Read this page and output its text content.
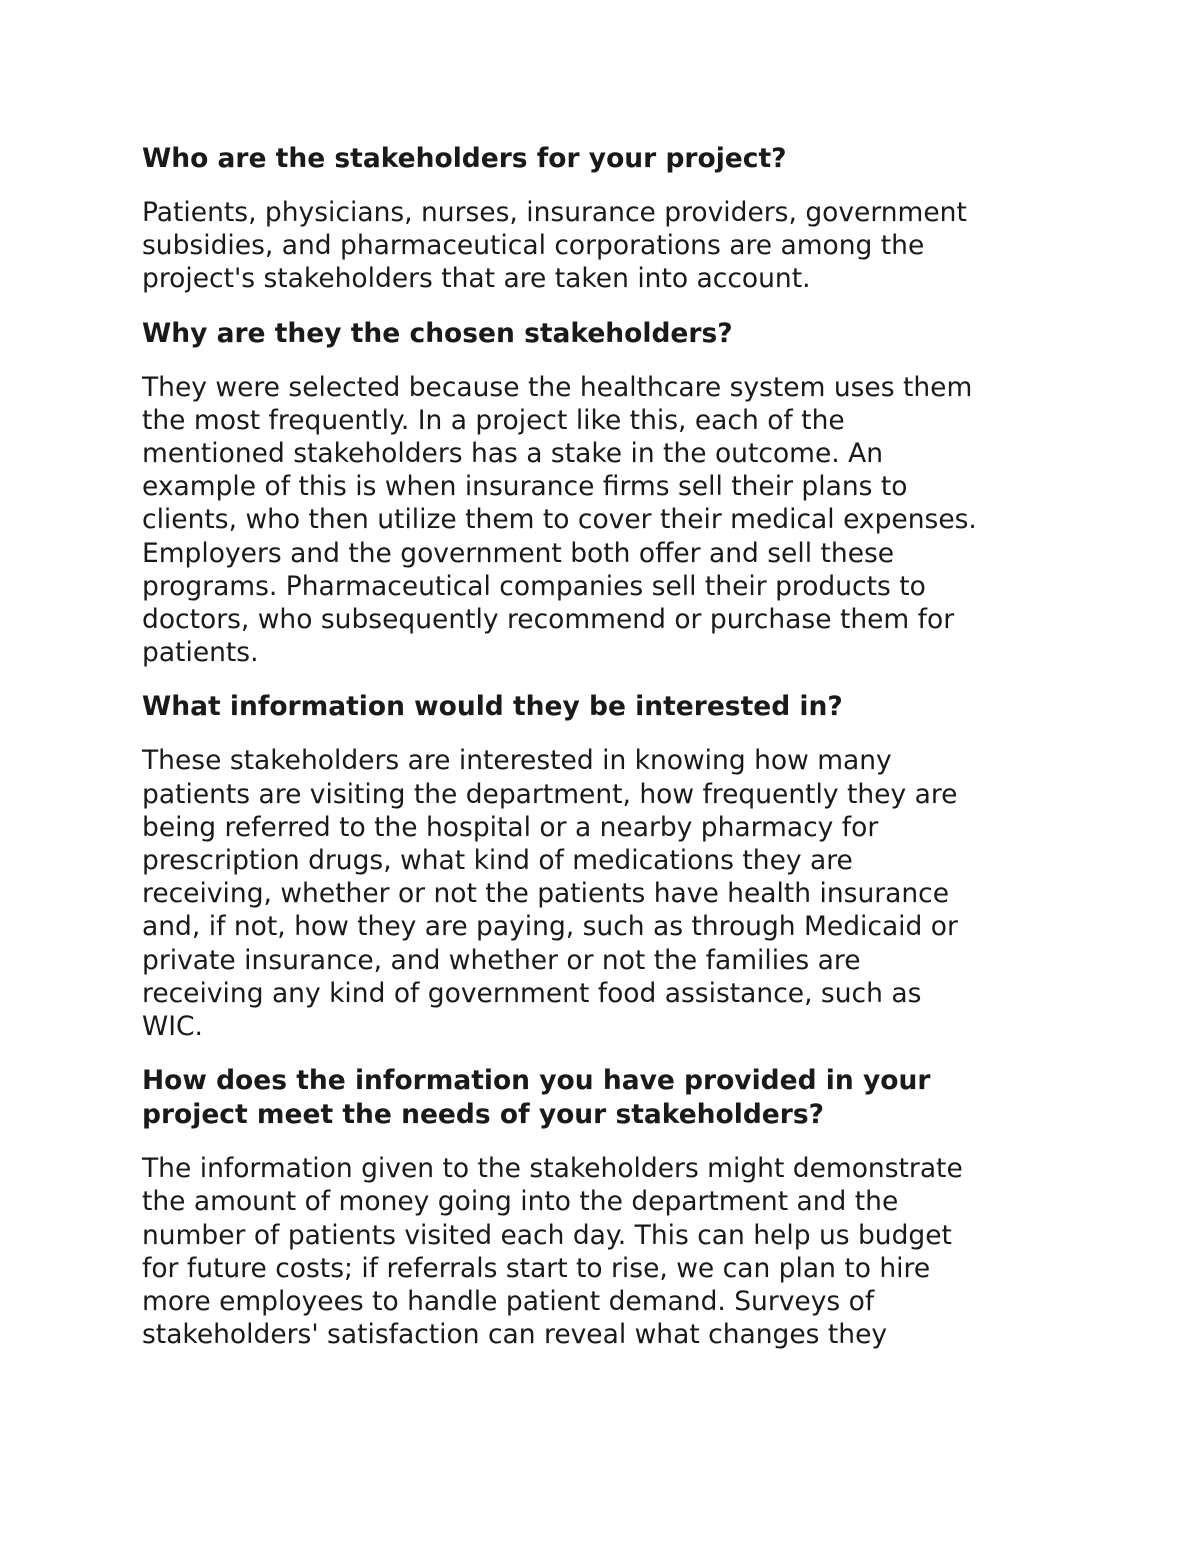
Who are the stakeholders for your project?
Patients, physicians, nurses, insurance providers, government
subsidies, and pharmaceutical corporations are among the
project's stakeholders that are taken into account.
Why are they the chosen stakeholders?
They were selected because the healthcare system uses them
the most frequently. In a project like this, each of the
mentioned stakeholders has a stake in the outcome. An
example of this is when insurance firms sell their plans to
clients, who then utilize them to cover their medical expenses.
Employers and the government both offer and sell these
programs. Pharmaceutical companies sell their products to
doctors, who subsequently recommend or purchase them for
patients.
What information would they be interested in?
These stakeholders are interested in knowing how many
patients are visiting the department, how frequently they are
being referred to the hospital or a nearby pharmacy for
prescription drugs, what kind of medications they are
receiving, whether or not the patients have health insurance
and, if not, how they are paying, such as through Medicaid or
private insurance, and whether or not the families are
receiving any kind of government food assistance, such as
WIC.
How does the information you have provided in your
project meet the needs of your stakeholders?
The information given to the stakeholders might demonstrate
the amount of money going into the department and the
number of patients visited each day. This can help us budget
for future costs; if referrals start to rise, we can plan to hire
more employees to handle patient demand. Surveys of
stakeholders' satisfaction can reveal what changes they
